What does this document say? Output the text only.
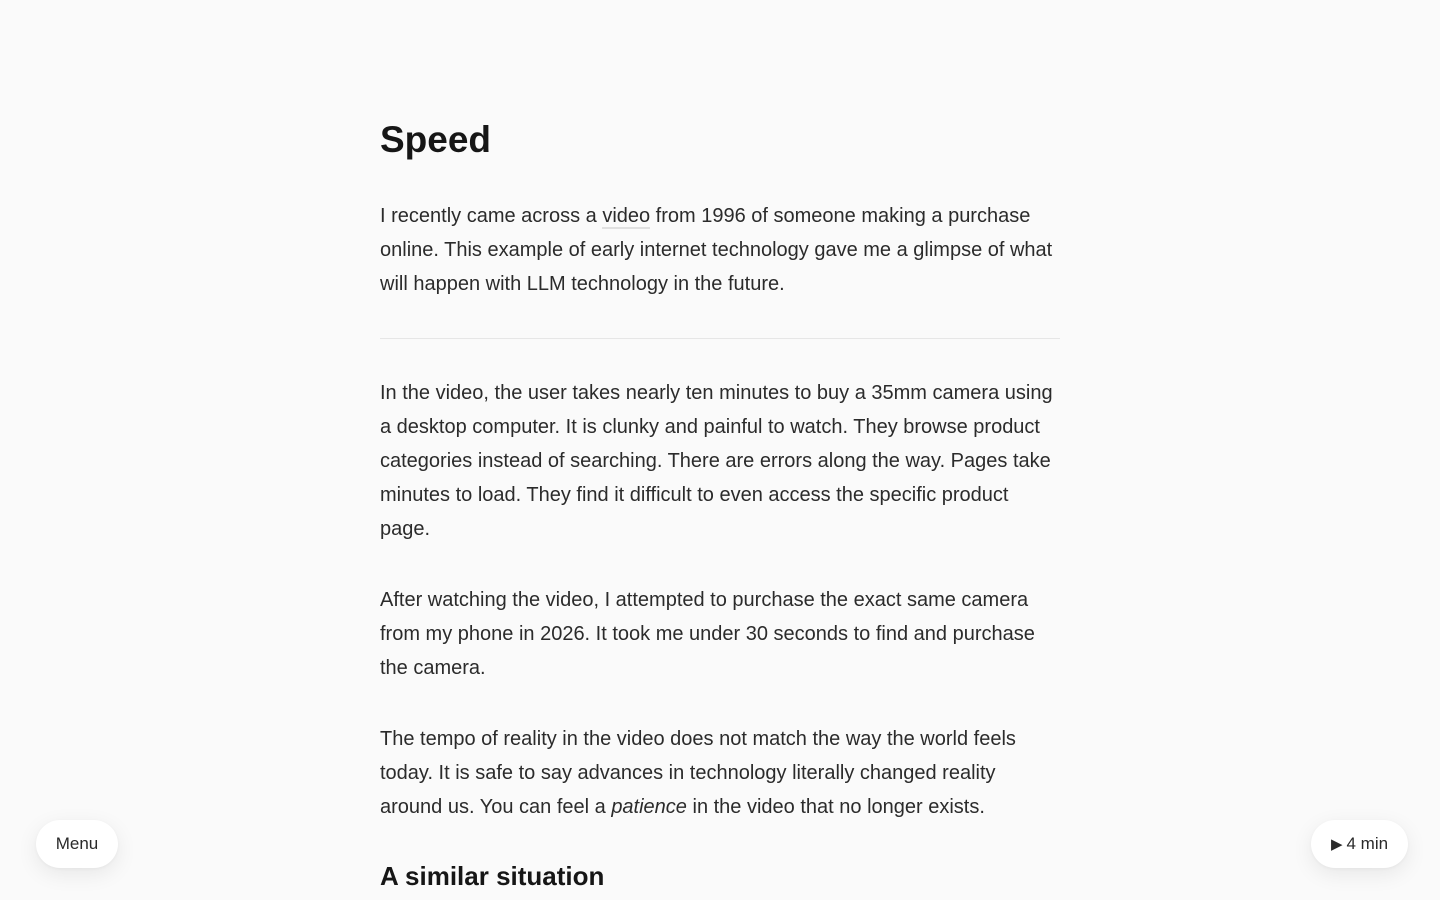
Speed

I recently came across a video from 1996 of someone making a purchase online. This example of early internet technology gave me a glimpse of what will happen with LLM technology in the future.

In the video, the user takes nearly ten minutes to buy a 35mm camera using a desktop computer. It is clunky and painful to watch. They browse product categories instead of searching. There are errors along the way. Pages take minutes to load. They find it difficult to even access the specific product page.

After watching the video, I attempted to purchase the exact same camera from my phone in 2026. It took me under 30 seconds to find and purchase the camera.

The tempo of reality in the video does not match the way the world feels today. It is safe to say advances in technology literally changed reality around us. You can feel a patience in the video that no longer exists.

A similar situation
Menu	▶ 4 min
